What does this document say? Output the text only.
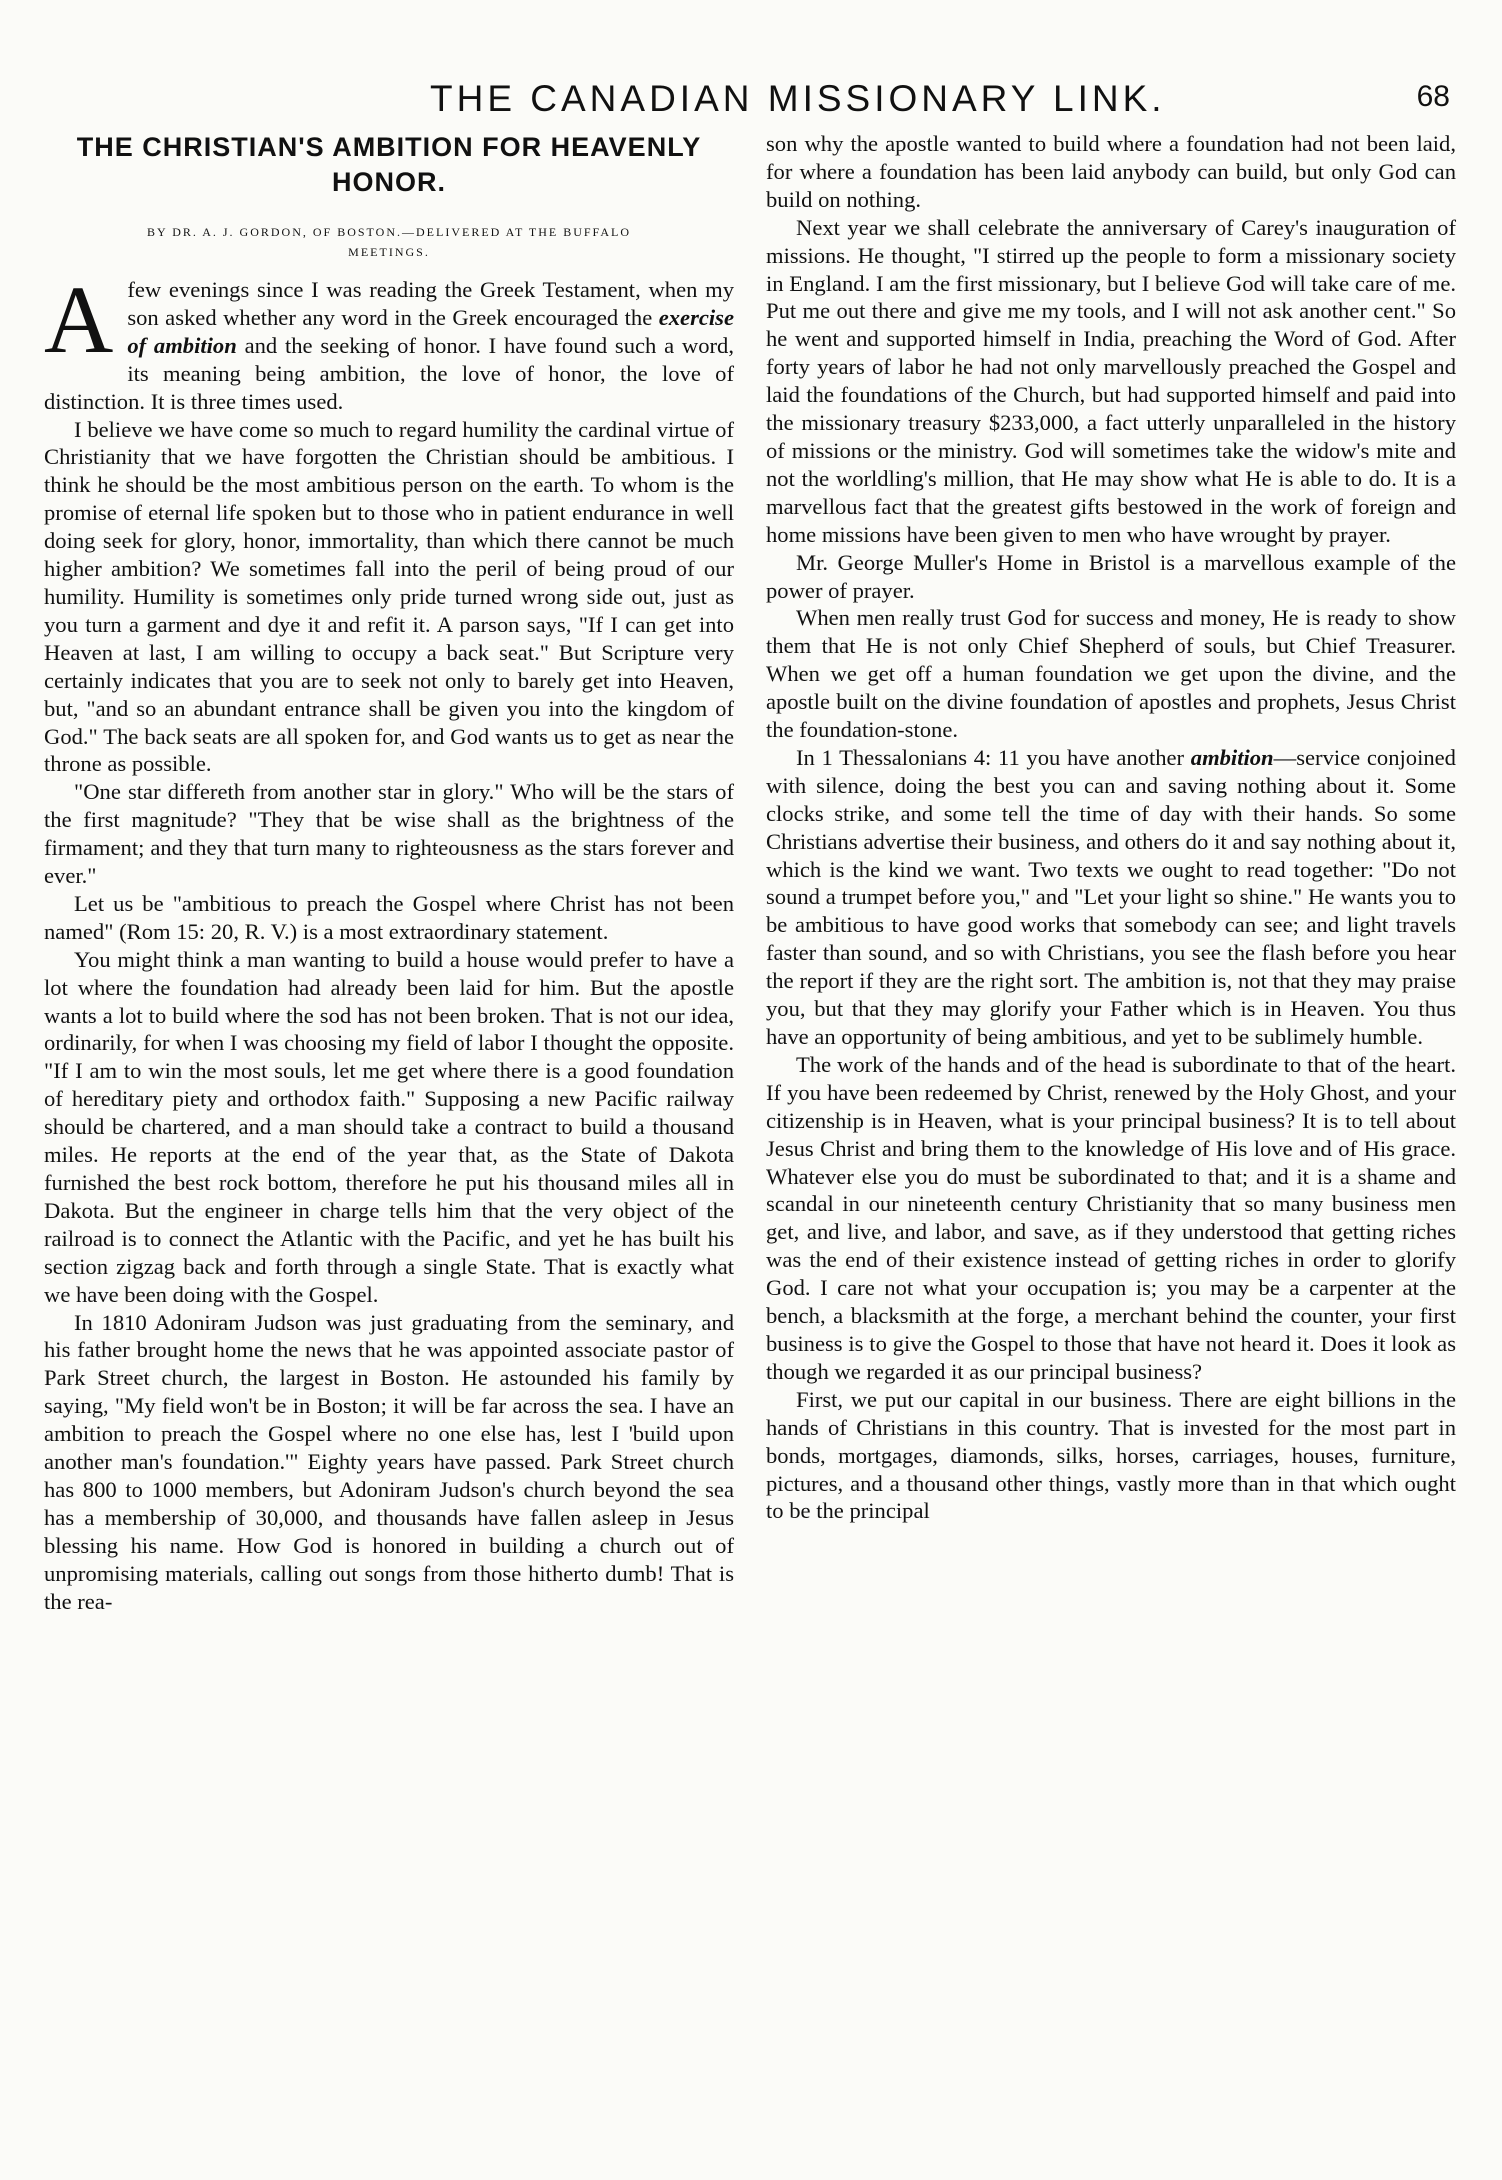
THE CANADIAN MISSIONARY LINK.	68
THE CHRISTIAN'S AMBITION FOR HEAVENLY HONOR.
BY DR. A. J. GORDON, OF BOSTON.—DELIVERED AT THE BUFFALO MEETINGS.

Afew evenings since I was reading the Greek Testament, when my son asked whether any word in the Greek encouraged the exercise of ambition and the seeking of honor. I have found such a word, its meaning being ambition, the love of honor, the love of distinction. It is three times used.

I believe we have come so much to regard humility the cardinal virtue of Christianity that we have forgotten the Christian should be ambitious. I think he should be the most ambitious person on the earth. To whom is the promise of eternal life spoken but to those who in patient endurance in well doing seek for glory, honor, immortality, than which there cannot be much higher ambition? We sometimes fall into the peril of being proud of our humility. Humility is sometimes only pride turned wrong side out, just as you turn a garment and dye it and refit it. A parson says, "If I can get into Heaven at last, I am willing to occupy a back seat." But Scripture very certainly indicates that you are to seek not only to barely get into Heaven, but, "and so an abundant entrance shall be given you into the kingdom of God." The back seats are all spoken for, and God wants us to get as near the throne as possible.

"One star differeth from another star in glory." Who will be the stars of the first magnitude? "They that be wise shall as the brightness of the firmament; and they that turn many to righteousness as the stars forever and ever."

Let us be "ambitious to preach the Gospel where Christ has not been named" (Rom 15: 20, R. V.) is a most extraordinary statement.

You might think a man wanting to build a house would prefer to have a lot where the foundation had already been laid for him. But the apostle wants a lot to build where the sod has not been broken. That is not our idea, ordinarily, for when I was choosing my field of labor I thought the opposite. "If I am to win the most souls, let me get where there is a good foundation of hereditary piety and orthodox faith." Supposing a new Pacific railway should be chartered, and a man should take a contract to build a thousand miles. He reports at the end of the year that, as the State of Dakota furnished the best rock bottom, therefore he put his thousand miles all in Dakota. But the engineer in charge tells him that the very object of the railroad is to connect the Atlantic with the Pacific, and yet he has built his section zigzag back and forth through a single State. That is exactly what we have been doing with the Gospel.

In 1810 Adoniram Judson was just graduating from the seminary, and his father brought home the news that he was appointed associate pastor of Park Street church, the largest in Boston. He astounded his family by saying, "My field won't be in Boston; it will be far across the sea. I have an ambition to preach the Gospel where no one else has, lest I 'build upon another man's foundation.'" Eighty years have passed. Park Street church has 800 to 1000 members, but Adoniram Judson's church beyond the sea has a membership of 30,000, and thousands have fallen asleep in Jesus blessing his name. How God is honored in building a church out of unpromising materials, calling out songs from those hitherto dumb! That is the rea-

son why the apostle wanted to build where a foundation had not been laid, for where a foundation has been laid anybody can build, but only God can build on nothing.

Next year we shall celebrate the anniversary of Carey's inauguration of missions. He thought, "I stirred up the people to form a missionary society in England. I am the first missionary, but I believe God will take care of me. Put me out there and give me my tools, and I will not ask another cent." So he went and supported himself in India, preaching the Word of God. After forty years of labor he had not only marvellously preached the Gospel and laid the foundations of the Church, but had supported himself and paid into the missionary treasury $233,000, a fact utterly unparalleled in the history of missions or the ministry. God will sometimes take the widow's mite and not the worldling's million, that He may show what He is able to do. It is a marvellous fact that the greatest gifts bestowed in the work of foreign and home missions have been given to men who have wrought by prayer.

Mr. George Muller's Home in Bristol is a marvellous example of the power of prayer.

When men really trust God for success and money, He is ready to show them that He is not only Chief Shepherd of souls, but Chief Treasurer. When we get off a human foundation we get upon the divine, and the apostle built on the divine foundation of apostles and prophets, Jesus Christ the foundation-stone.

In 1 Thessalonians 4: 11 you have another ambition—service conjoined with silence, doing the best you can and saving nothing about it. Some clocks strike, and some tell the time of day with their hands. So some Christians advertise their business, and others do it and say nothing about it, which is the kind we want. Two texts we ought to read together: "Do not sound a trumpet before you," and "Let your light so shine." He wants you to be ambitious to have good works that somebody can see; and light travels faster than sound, and so with Christians, you see the flash before you hear the report if they are the right sort. The ambition is, not that they may praise you, but that they may glorify your Father which is in Heaven. You thus have an opportunity of being ambitious, and yet to be sublimely humble.

The work of the hands and of the head is subordinate to that of the heart. If you have been redeemed by Christ, renewed by the Holy Ghost, and your citizenship is in Heaven, what is your principal business? It is to tell about Jesus Christ and bring them to the knowledge of His love and of His grace. Whatever else you do must be subordinated to that; and it is a shame and scandal in our nineteenth century Christianity that so many business men get, and live, and labor, and save, as if they understood that getting riches was the end of their existence instead of getting riches in order to glorify God. I care not what your occupation is; you may be a carpenter at the bench, a blacksmith at the forge, a merchant behind the counter, your first business is to give the Gospel to those that have not heard it. Does it look as though we regarded it as our principal business?

First, we put our capital in our business. There are eight billions in the hands of Christians in this country. That is invested for the most part in bonds, mortgages, diamonds, silks, horses, carriages, houses, furniture, pictures, and a thousand other things, vastly more than in that which ought to be the principal
